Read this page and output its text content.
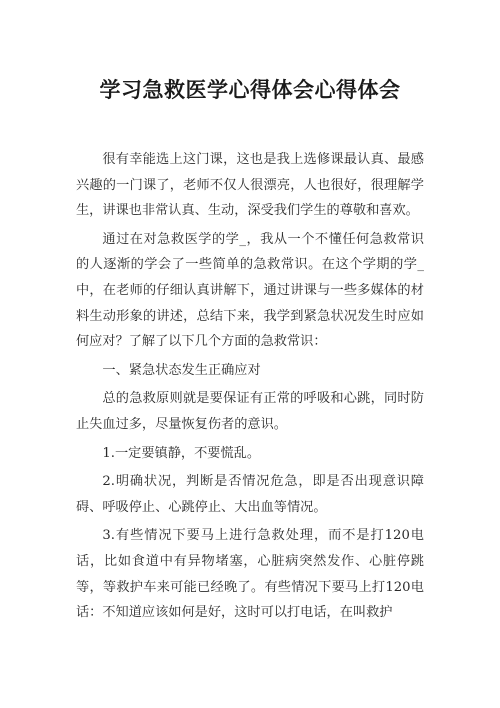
学习急救医学心得体会心得体会

很有幸能选上这门课，这也是我上选修课最认真、最感兴趣的一门课了，老师不仅人很漂亮，人也很好，很理解学生，讲课也非常认真、生动，深受我们学生的尊敬和喜欢。

通过在对急救医学的学_，我从一个不懂任何急救常识的人逐渐的学会了一些简单的急救常识。在这个学期的学_中，在老师的仔细认真讲解下，通过讲课与一些多媒体的材料生动形象的讲述，总结下来，我学到紧急状况发生时应如何应对？了解了以下几个方面的急救常识：

一、紧急状态发生正确应对

总的急救原则就是要保证有正常的呼吸和心跳，同时防止失血过多，尽量恢复伤者的意识。

1.一定要镇静，不要慌乱。

2.明确状况，判断是否情况危急，即是否出现意识障碍、呼吸停止、心跳停止、大出血等情况。

3.有些情况下要马上进行急救处理，而不是打120电话，比如食道中有异物堵塞，心脏病突然发作、心脏停跳等，等救护车来可能已经晚了。有些情况下要马上打120电话：不知道应该如何是好，这时可以打电话，在叫救护
